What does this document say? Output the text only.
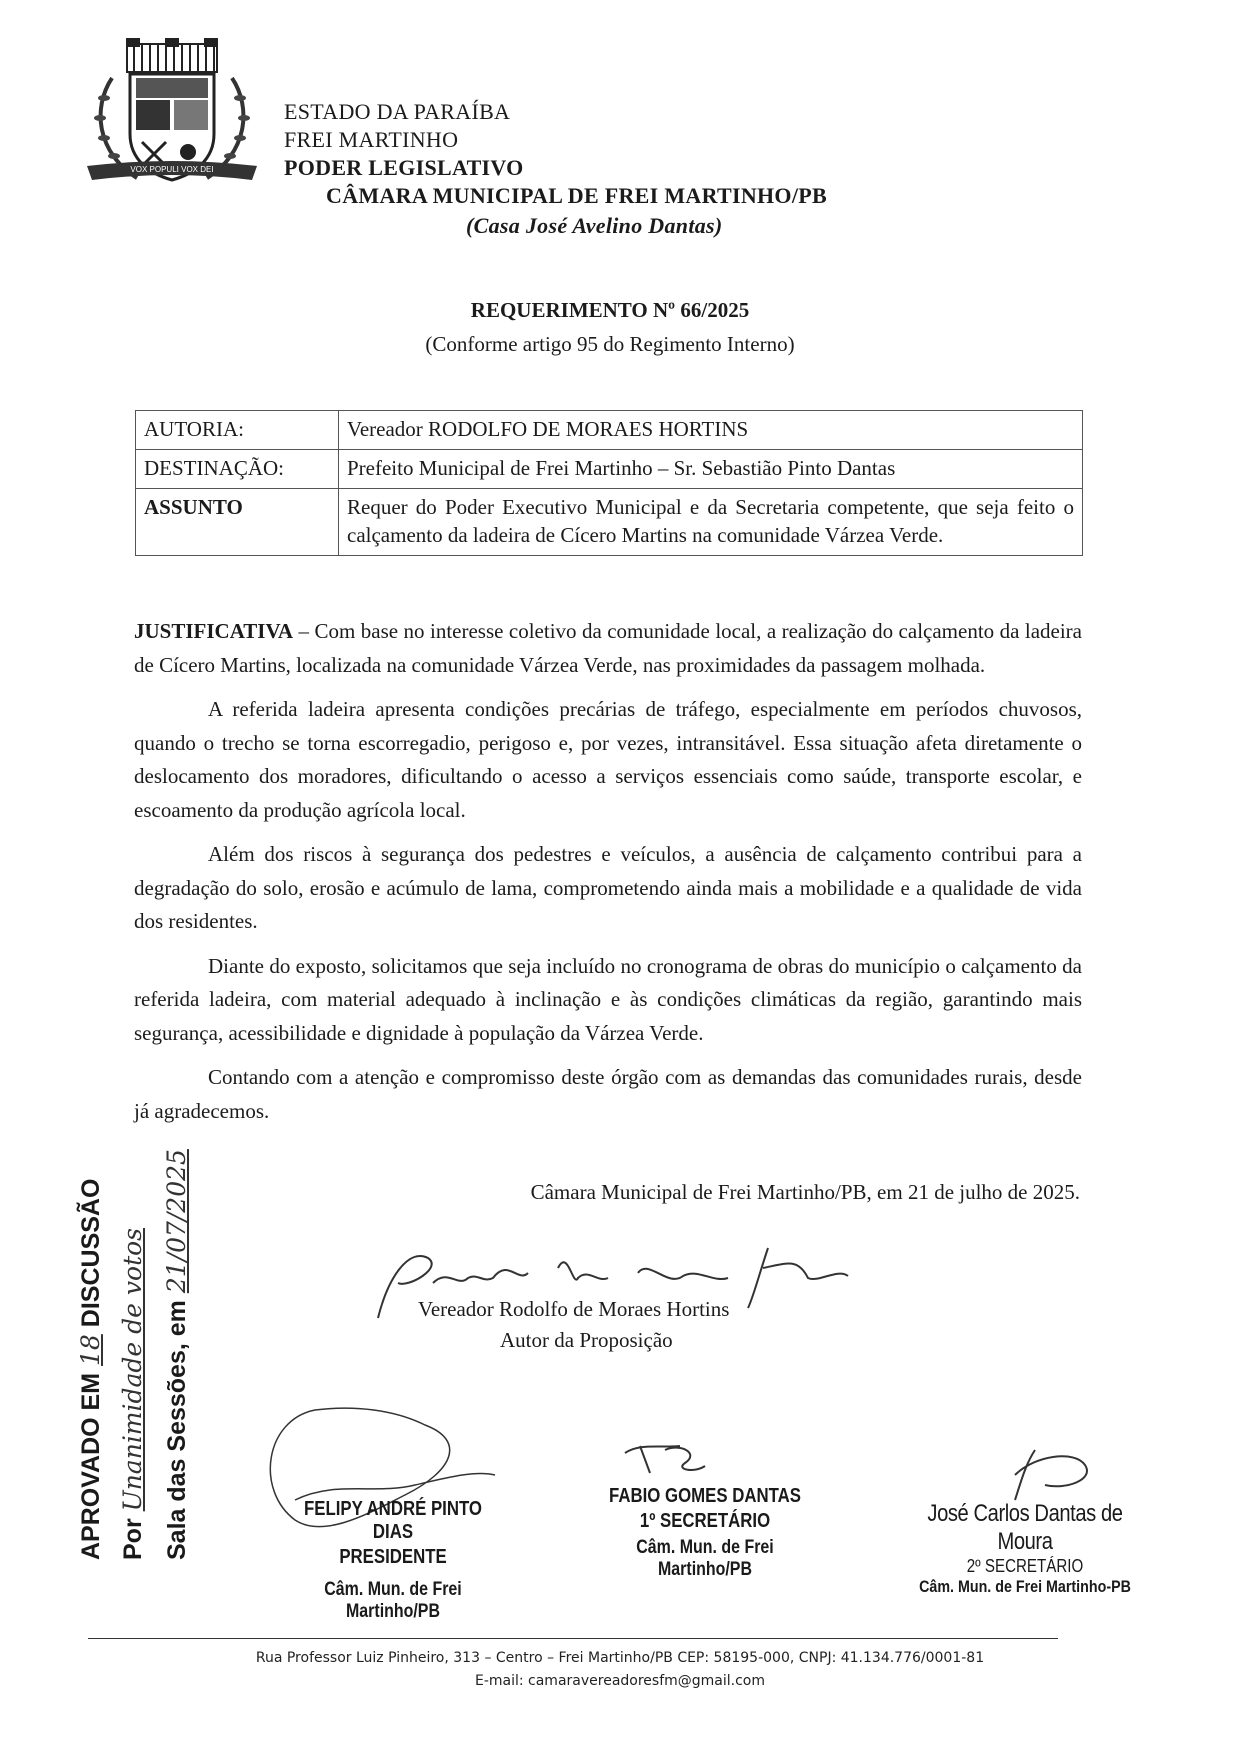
VOX POPULI VOX DEI
ESTADO DA PARAÍBA
FREI MARTINHO
PODER LEGISLATIVO
CÂMARA MUNICIPAL DE FREI MARTINHO/PB
(Casa José Avelino Dantas)
REQUERIMENTO Nº 66/2025
(Conforme artigo 95 do Regimento Interno)
AUTORIA:	Vereador RODOLFO DE MORAES HORTINS
DESTINAÇÃO:	Prefeito Municipal de Frei Martinho – Sr. Sebastião Pinto Dantas
ASSUNTO	Requer do Poder Executivo Municipal e da Secretaria competente, que seja feito o calçamento da ladeira de Cícero Martins na comunidade Várzea Verde.

JUSTIFICATIVA – Com base no interesse coletivo da comunidade local, a realização do calçamento da ladeira de Cícero Martins, localizada na comunidade Várzea Verde, nas proximidades da passagem molhada.

A referida ladeira apresenta condições precárias de tráfego, especialmente em períodos chuvosos, quando o trecho se torna escorregadio, perigoso e, por vezes, intransitável. Essa situação afeta diretamente o deslocamento dos moradores, dificultando o acesso a serviços essenciais como saúde, transporte escolar, e escoamento da produção agrícola local.

Além dos riscos à segurança dos pedestres e veículos, a ausência de calçamento contribui para a degradação do solo, erosão e acúmulo de lama, comprometendo ainda mais a mobilidade e a qualidade de vida dos residentes.

Diante do exposto, solicitamos que seja incluído no cronograma de obras do município o calçamento da referida ladeira, com material adequado à inclinação e às condições climáticas da região, garantindo mais segurança, acessibilidade e dignidade à população da Várzea Verde.

Contando com a atenção e compromisso deste órgão com as demandas das comunidades rurais, desde já agradecemos.

Câmara Municipal de Frei Martinho/PB, em 21 de julho de 2025.
Vereador Rodolfo de Moraes Hortins
Autor da Proposição
APROVADO EM 18 DISCUSSÃO
Por Unanimidade de votos Sala das Sessões, em 21/07/2025
FELIPY ANDRÉ PINTO DIAS
PRESIDENTE
Câm. Mun. de Frei Martinho/PB
FABIO GOMES DANTAS
1º SECRETÁRIO
Câm. Mun. de Frei Martinho/PB
José Carlos Dantas de Moura
2º SECRETÁRIO
Câm. Mun. de Frei Martinho-PB
Rua Professor Luiz Pinheiro, 313 – Centro – Frei Martinho/PB CEP: 58195-000, CNPJ: 41.134.776/0001-81
E-mail: camaravereadoresfm@gmail.com
